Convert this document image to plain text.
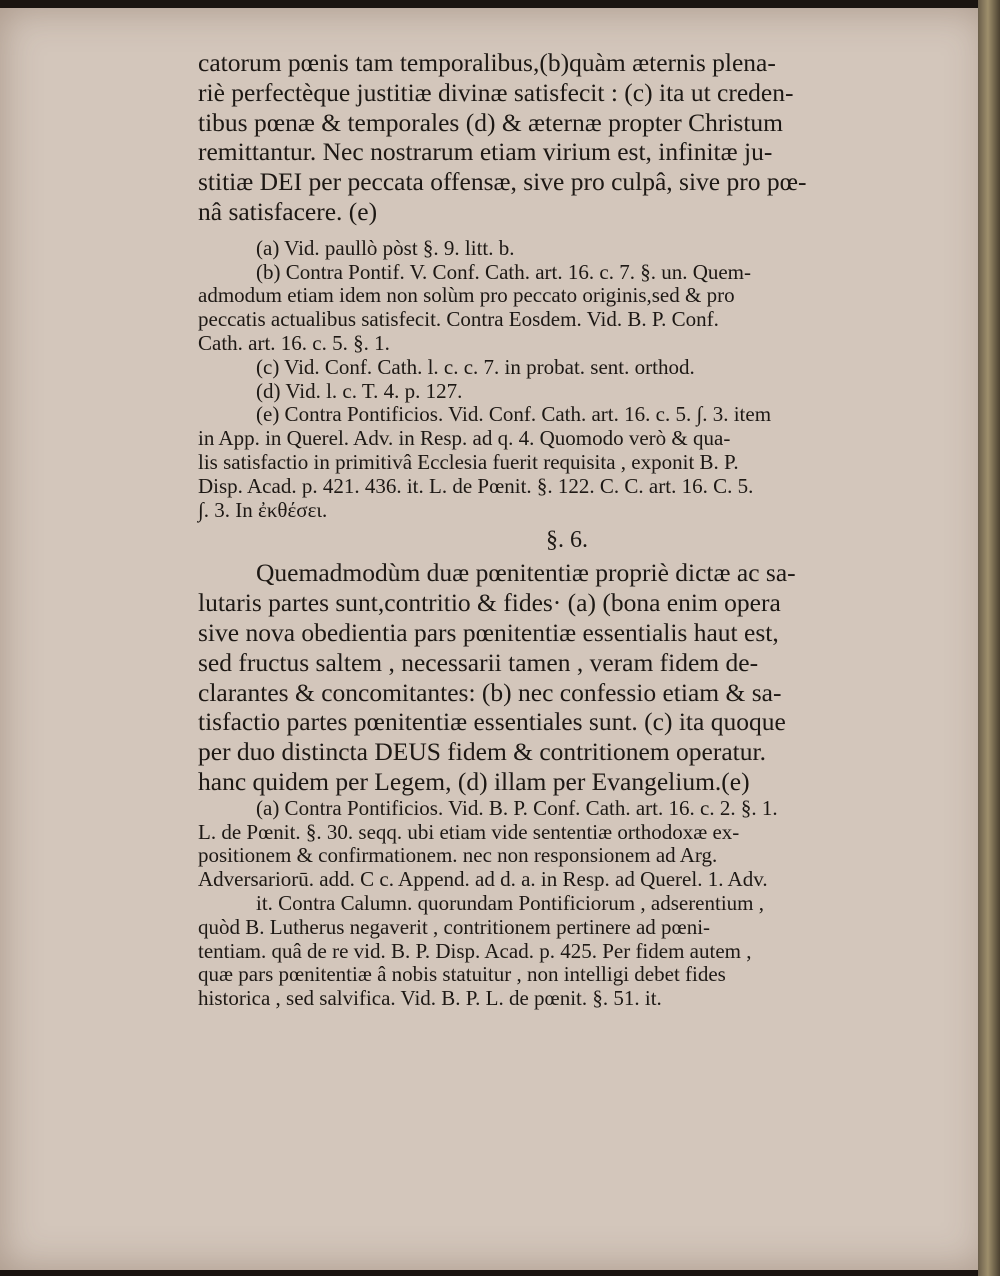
catorum pœnis tam temporalibus,(b)quàm æternis plena-
riè perfectèque justitiæ divinæ satisfecit : (c) ita ut creden-
tibus pœnæ & temporales (d) & æternæ propter Christum
remittantur. Nec nostrarum etiam virium est, infinitæ ju-
stitiæ DEI per peccata offensæ, sive pro culpâ, sive pro pœ-
nâ satisfacere. (e)
(a) Vid. paullò pòst §. 9. litt. b.
(b) Contra Pontif. V. Conf. Cath. art. 16. c. 7. §. un. Quem-
admodum etiam idem non solùm pro peccato originis,sed & pro
peccatis actualibus satisfecit. Contra Eosdem. Vid. B. P. Conf.
Cath. art. 16. c. 5. §. 1.
(c) Vid. Conf. Cath. l. c. c. 7. in probat. sent. orthod.
(d) Vid. l. c. T. 4. p. 127.
(e) Contra Pontificios. Vid. Conf. Cath. art. 16. c. 5. ∫. 3. item
in App. in Querel. Adv. in Resp. ad q. 4. Quomodo verò & qua-
lis satisfactio in primitivâ Ecclesia fuerit requisita , exponit B. P.
Disp. Acad. p. 421. 436. it. L. de Pœnit. §. 122. C. C. art. 16. C. 5.
∫. 3. In ἐκθέσει.
§. 6.
Quemadmodùm duæ pœnitentiæ propriè dictæ ac sa-
lutaris partes sunt,contritio & fides· (a) (bona enim opera
sive nova obedientia pars pœnitentiæ essentialis haut est,
sed fructus saltem , necessarii tamen , veram fidem de-
clarantes & concomitantes: (b) nec confessio etiam & sa-
tisfactio partes pœnitentiæ essentiales sunt. (c) ita quoque
per duo distincta DEUS fidem & contritionem operatur.
hanc quidem per Legem, (d) illam per Evangelium.(e)
(a) Contra Pontificios. Vid. B. P. Conf. Cath. art. 16. c. 2. §. 1.
L. de Pœnit. §. 30. seqq. ubi etiam vide sententiæ orthodoxæ ex-
positionem & confirmationem. nec non responsionem ad Arg.
Adversariorū. add. C c. Append. ad d. a. in Resp. ad Querel. 1. Adv.
it. Contra Calumn. quorundam Pontificiorum , adserentium ,
quòd B. Lutherus negaverit , contritionem pertinere ad pœni-
tentiam. quâ de re vid. B. P. Disp. Acad. p. 425. Per fidem autem ,
quæ pars pœnitentiæ â nobis statuitur , non intelligi debet fides
historica , sed salvifica. Vid. B. P. L. de pœnit. §. 51. it.
